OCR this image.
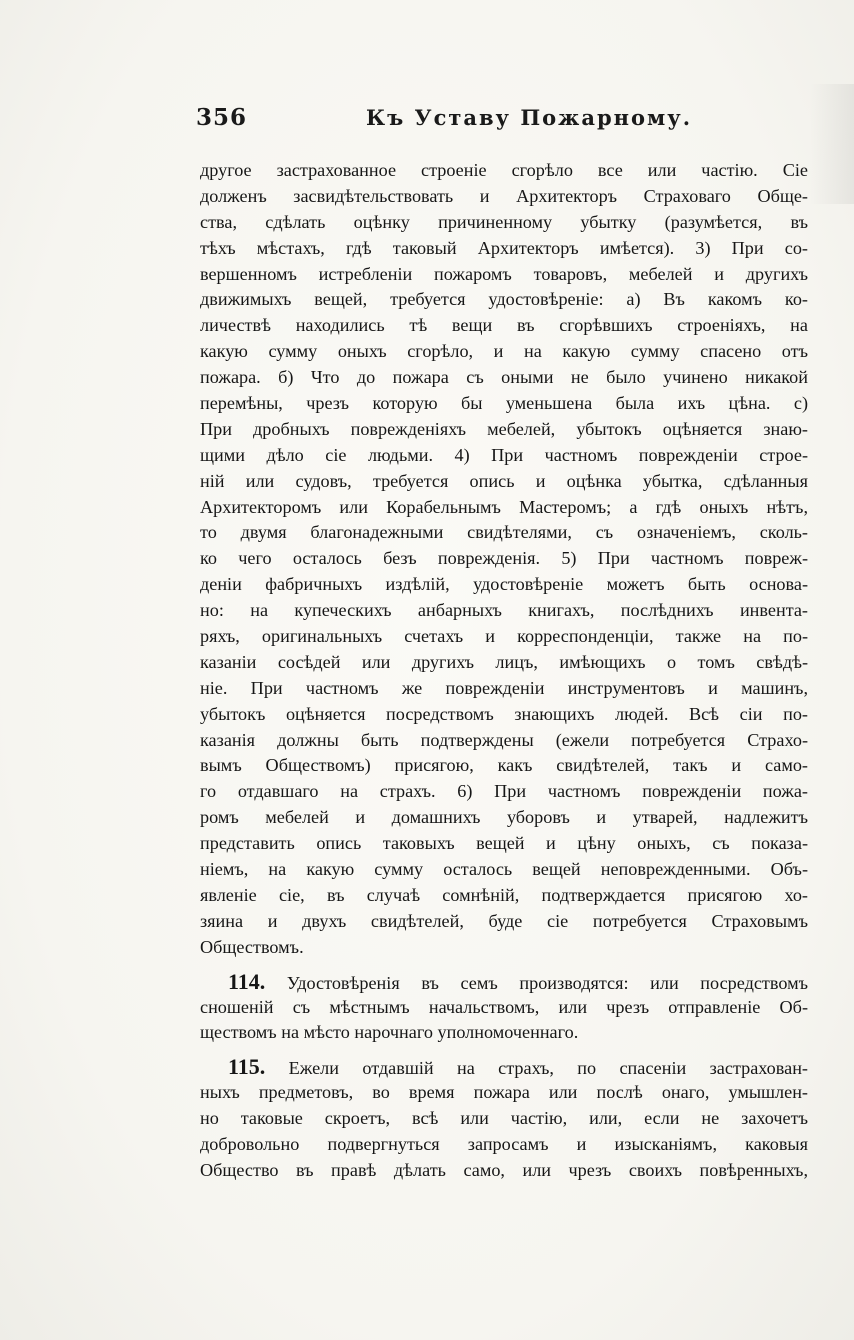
356	Къ Уставу Пожарному.
другое застрахованное строеніе сгорѣло все или частію. Сіе
долженъ засвидѣтельствовать и Архитекторъ Страховаго Обще-
ства, сдѣлать оцѣнку причиненному убытку (разумѣется, въ
тѣхъ мѣстахъ, гдѣ таковый Архитекторъ имѣется). 3) При со-
вершенномъ истребленіи пожаромъ товаровъ, мебелей и другихъ
движимыхъ вещей, требуется удостовѣреніе: а) Въ какомъ ко-
личествѣ находились тѣ вещи въ сгорѣвшихъ строеніяхъ, на
какую сумму оныхъ сгорѣло, и на какую сумму спасено отъ
пожара. б) Что до пожара съ оными не было учинено никакой
перемѣны, чрезъ которую бы уменьшена была ихъ цѣна. с)
При дробныхъ поврежденіяхъ мебелей, убытокъ оцѣняется знаю-
щими дѣло сіе людьми. 4) При частномъ поврежденіи строе-
ній или судовъ, требуется опись и оцѣнка убытка, сдѣланныя
Архитекторомъ или Корабельнымъ Мастеромъ; а гдѣ оныхъ нѣтъ,
то двумя благонадежными свидѣтелями, съ означеніемъ, сколь-
ко чего осталось безъ поврежденія. 5) При частномъ повреж-
деніи фабричныхъ издѣлій, удостовѣреніе можетъ быть основа-
но: на купеческихъ анбарныхъ книгахъ, послѣднихъ инвента-
ряхъ, оригинальныхъ счетахъ и корреспонденціи, также на по-
казаніи сосѣдей или другихъ лицъ, имѣющихъ о томъ свѣдѣ-
ніе. При частномъ же поврежденіи инструментовъ и машинъ,
убытокъ оцѣняется посредствомъ знающихъ людей. Всѣ сіи по-
казанія должны быть подтверждены (ежели потребуется Страхо-
вымъ Обществомъ) присягою, какъ свидѣтелей, такъ и само-
го отдавшаго на страхъ. 6) При частномъ поврежденіи пожа-
ромъ мебелей и домашнихъ уборовъ и утварей, надлежитъ
представить опись таковыхъ вещей и цѣну оныхъ, съ показа-
ніемъ, на какую сумму осталось вещей неповрежденными. Объ-
явленіе сіе, въ случаѣ сомнѣній, подтверждается присягою хо-
зяина и двухъ свидѣтелей, буде сіе потребуется Страховымъ
Обществомъ.
114. Удостовѣренія въ семъ производятся: или посредствомъ
сношеній съ мѣстнымъ начальствомъ, или чрезъ отправленіе Об-
ществомъ на мѣсто нарочнаго уполномоченнаго.
115. Ежели отдавшій на страхъ, по спасеніи застрахован-
ныхъ предметовъ, во время пожара или послѣ онаго, умышлен-
но таковые скроетъ, всѣ или частію, или, если не захочетъ
добровольно подвергнуться запросамъ и изысканіямъ, каковыя
Общество въ правѣ дѣлать само, или чрезъ своихъ повѣренныхъ,
